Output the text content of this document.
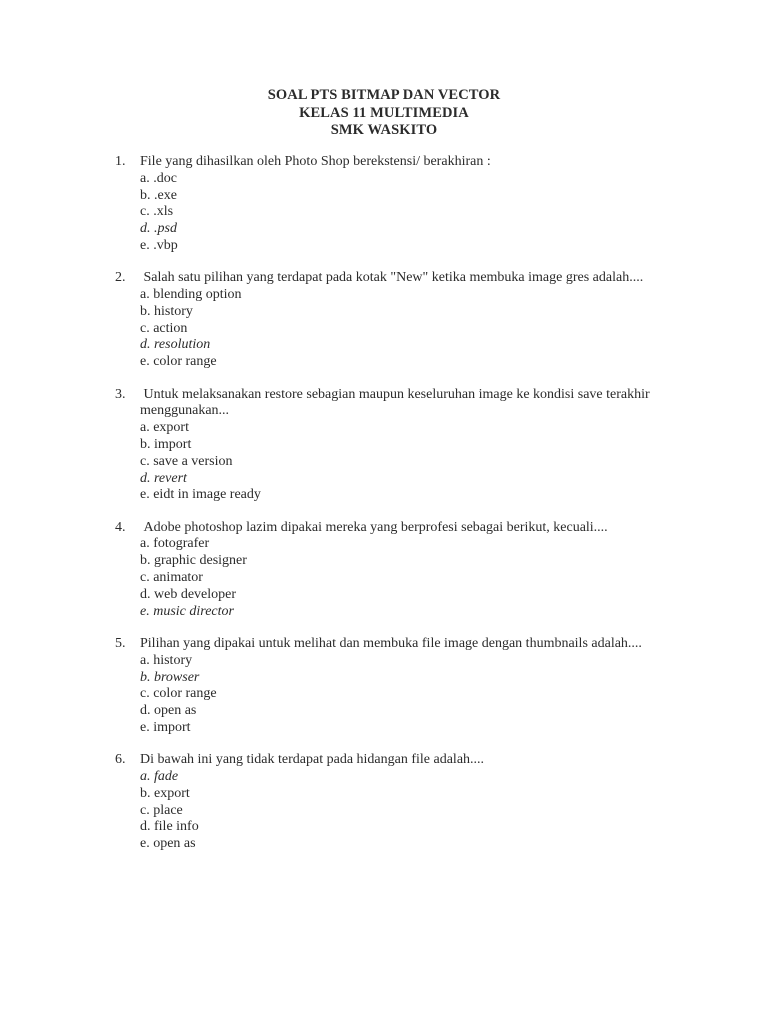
SOAL PTS BITMAP DAN VECTOR
KELAS 11 MULTIMEDIA
SMK WASKITO
1. File yang dihasilkan oleh Photo Shop berekstensi/ berakhiran :
a. .doc
b. .exe
c. .xls
d. .psd
e. .vbp
2. Salah satu pilihan yang terdapat pada kotak "New" ketika membuka image gres adalah....
a. blending option
b. history
c. action
d. resolution
e. color range
3. Untuk melaksanakan restore sebagian maupun keseluruhan image ke kondisi save terakhir menggunakan...
a. export
b. import
c. save a version
d. revert
e. eidt in image ready
4. Adobe photoshop lazim dipakai mereka yang berprofesi sebagai berikut, kecuali....
a. fotografer
b. graphic designer
c. animator
d. web developer
e. music director
5. Pilihan yang dipakai untuk melihat dan membuka file image dengan thumbnails adalah....
a. history
b. browser
c. color range
d. open as
e. import
6. Di bawah ini yang tidak terdapat pada hidangan file adalah....
a. fade
b. export
c. place
d. file info
e. open as
